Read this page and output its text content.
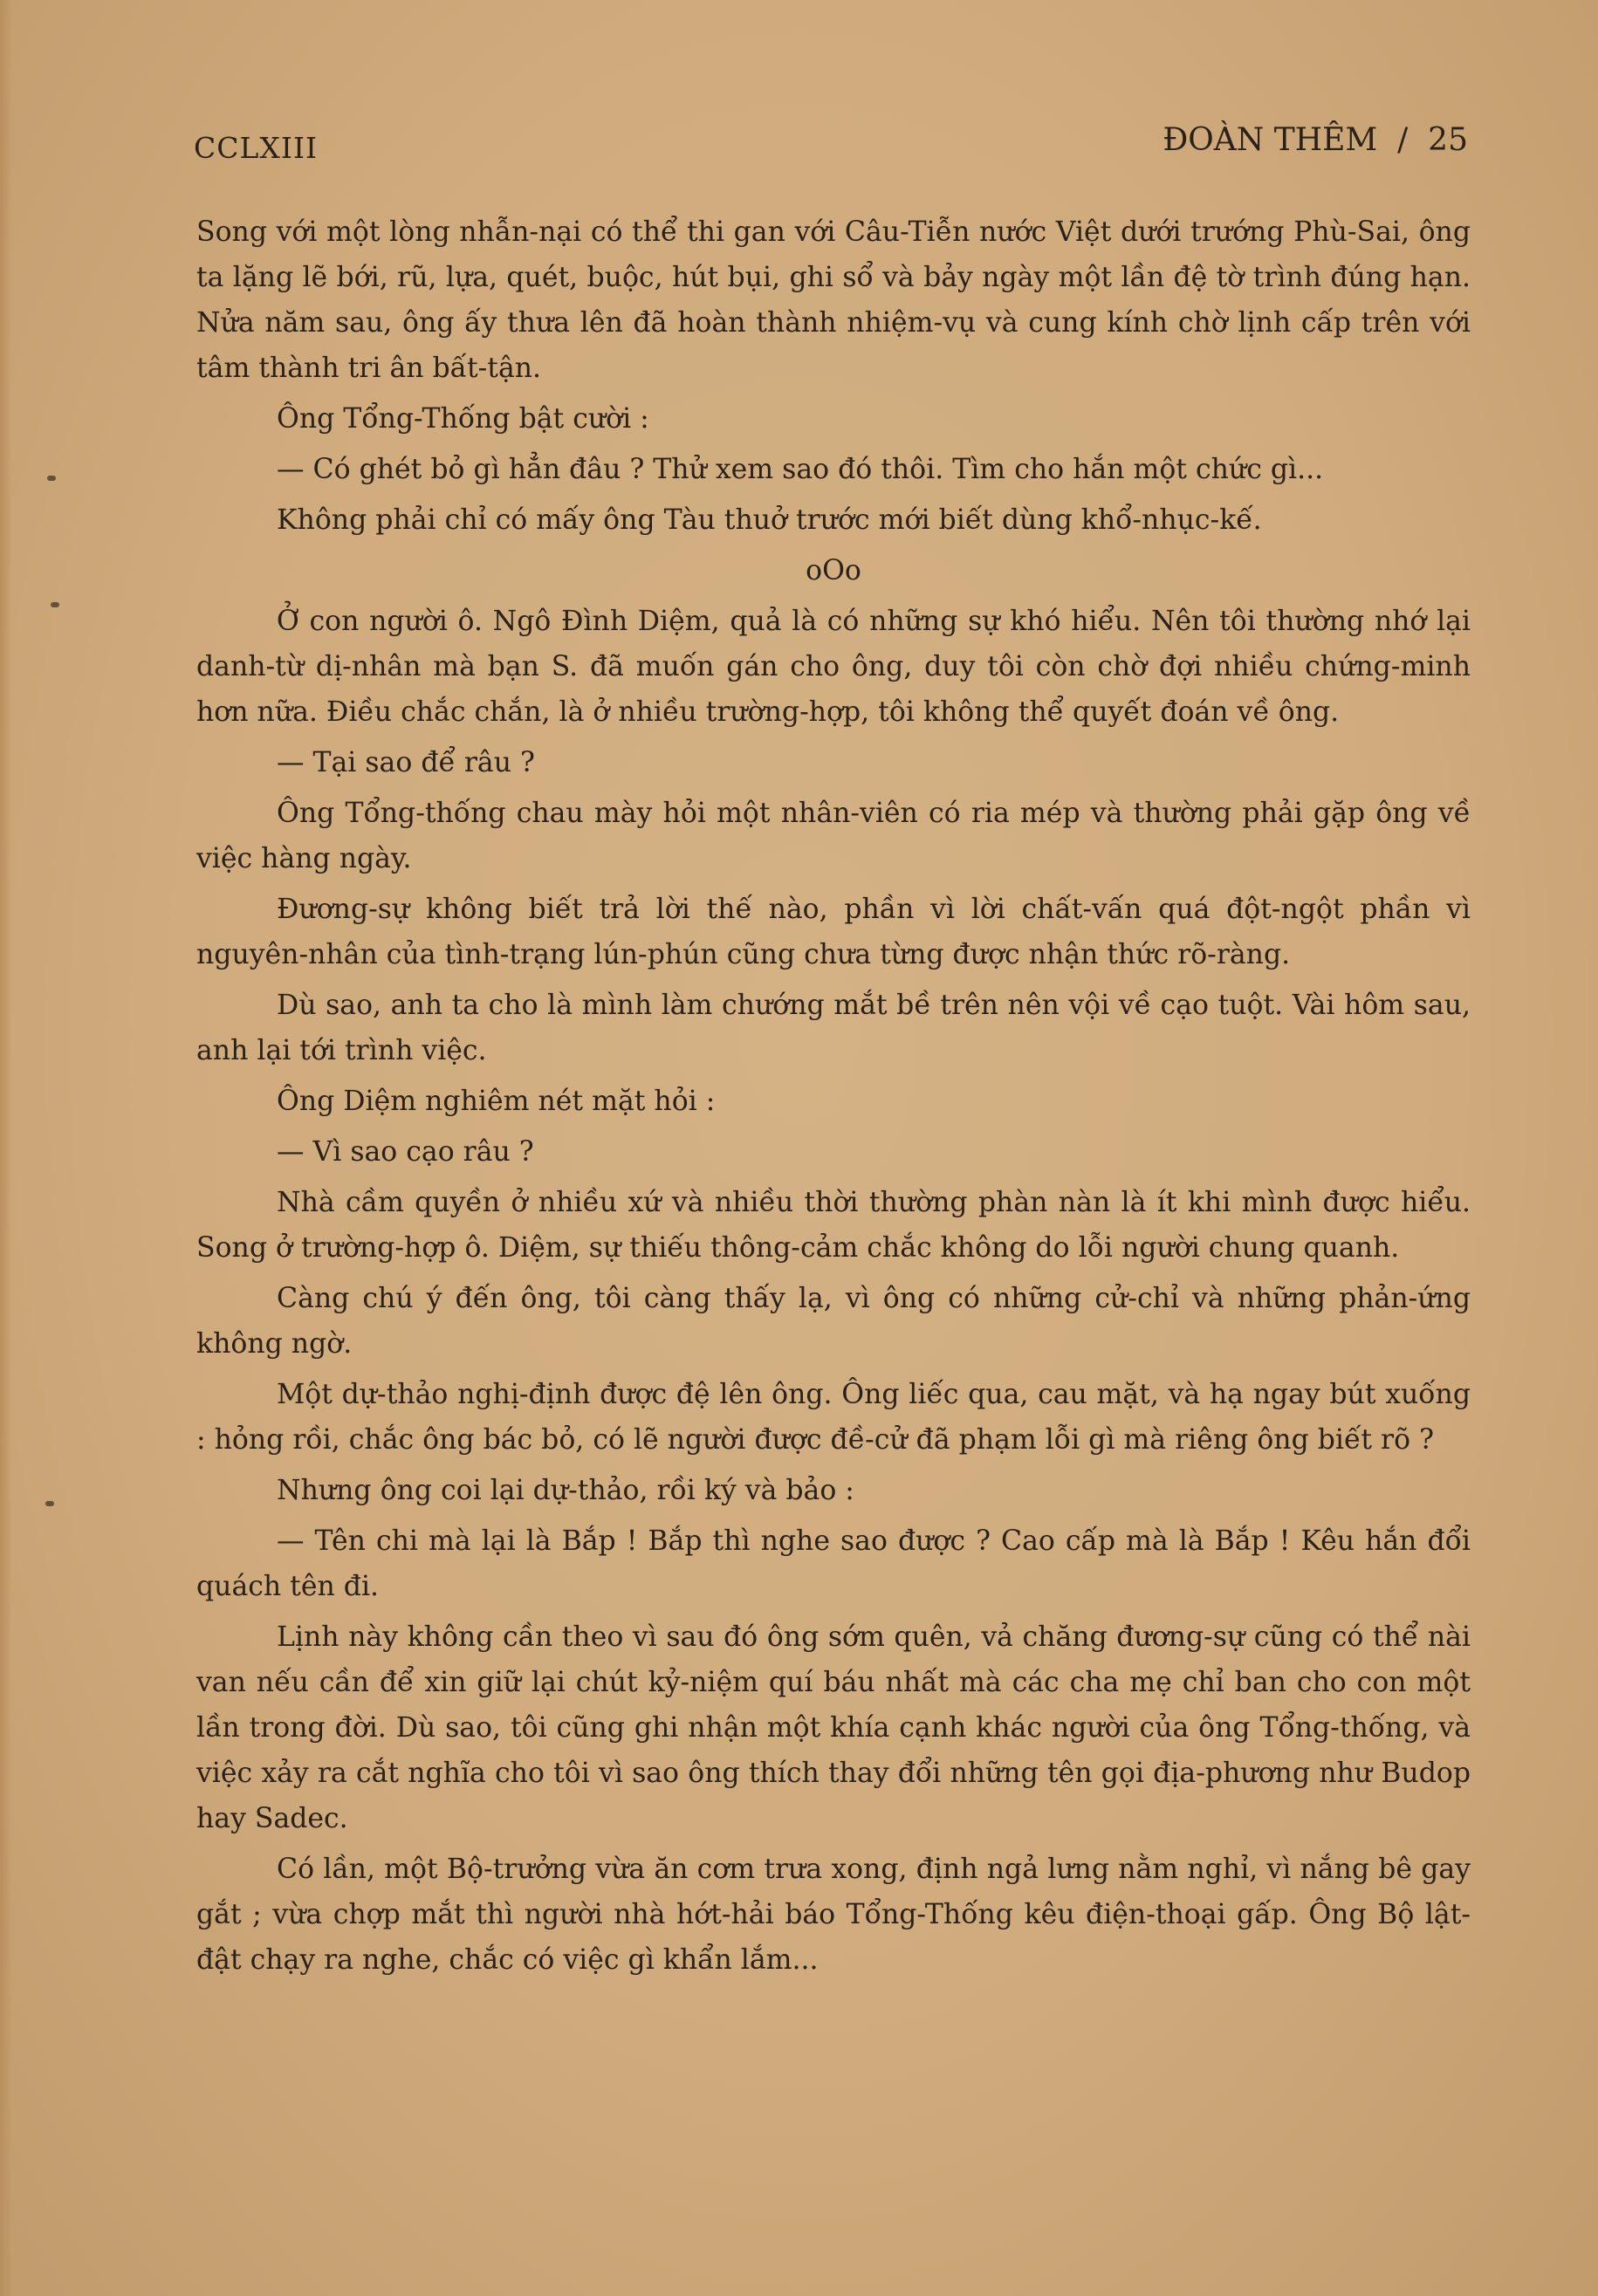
CCLXIII	ĐOÀN THÊM  /  25

Song với một lòng nhẫn-nại có thể thi gan với Câu-Tiễn nước Việt dưới trướng Phù-Sai, ông ta lặng lẽ bới, rũ, lựa, quét, buộc, hút bụi, ghi sổ và bảy ngày một lần đệ tờ trình đúng hạn. Nửa năm sau, ông ấy thưa lên đã hoàn thành nhiệm-vụ và cung kính chờ lịnh cấp trên với tâm thành tri ân bất-tận.

Ông Tổng-Thống bật cười :

— Có ghét bỏ gì hẳn đâu ? Thử xem sao đó thôi. Tìm cho hắn một chức gì...

Không phải chỉ có mấy ông Tàu thuở trước mới biết dùng khổ-nhục-kế.

oOo

Ở con người ô. Ngô Đình Diệm, quả là có những sự khó hiểu. Nên tôi thường nhớ lại danh-từ dị-nhân mà bạn S. đã muốn gán cho ông, duy tôi còn chờ đợi nhiều chứng-minh hơn nữa. Điều chắc chắn, là ở nhiều trường-hợp, tôi không thể quyết đoán về ông.

— Tại sao để râu ?

Ông Tổng-thống chau mày hỏi một nhân-viên có ria mép và thường phải gặp ông về việc hàng ngày.

Đương-sự không biết trả lời thế nào, phần vì lời chất-vấn quá đột-ngột phần vì nguyên-nhân của tình-trạng lún-phún cũng chưa từng được nhận thức rõ-ràng.

Dù sao, anh ta cho là mình làm chướng mắt bề trên nên vội về cạo tuột. Vài hôm sau, anh lại tới trình việc.

Ông Diệm nghiêm nét mặt hỏi :

— Vì sao cạo râu ?

Nhà cầm quyền ở nhiều xứ và nhiều thời thường phàn nàn là ít khi mình được hiểu. Song ở trường-hợp ô. Diệm, sự thiếu thông-cảm chắc không do lỗi người chung quanh.

Càng chú ý đến ông, tôi càng thấy lạ, vì ông có những cử-chỉ và những phản-ứng không ngờ.

Một dự-thảo nghị-định được đệ lên ông. Ông liếc qua, cau mặt, và hạ ngay bút xuống : hỏng rồi, chắc ông bác bỏ, có lẽ người được đề-cử đã phạm lỗi gì mà riêng ông biết rõ ?

Nhưng ông coi lại dự-thảo, rồi ký và bảo :

— Tên chi mà lại là Bắp ! Bắp thì nghe sao được ? Cao cấp mà là Bắp ! Kêu hắn đổi quách tên đi.

Lịnh này không cần theo vì sau đó ông sớm quên, vả chăng đương-sự cũng có thể nài van nếu cần để xin giữ lại chút kỷ-niệm quí báu nhất mà các cha mẹ chỉ ban cho con một lần trong đời. Dù sao, tôi cũng ghi nhận một khía cạnh khác người của ông Tổng-thống, và việc xảy ra cắt nghĩa cho tôi vì sao ông thích thay đổi những tên gọi địa-phương như Budop hay Sadec.

Có lần, một Bộ-trưởng vừa ăn cơm trưa xong, định ngả lưng nằm nghỉ, vì nắng bê gay gắt ; vừa chợp mắt thì người nhà hớt-hải báo Tổng-Thống kêu điện-thoại gấp. Ông Bộ lật-đật chạy ra nghe, chắc có việc gì khẩn lắm...
